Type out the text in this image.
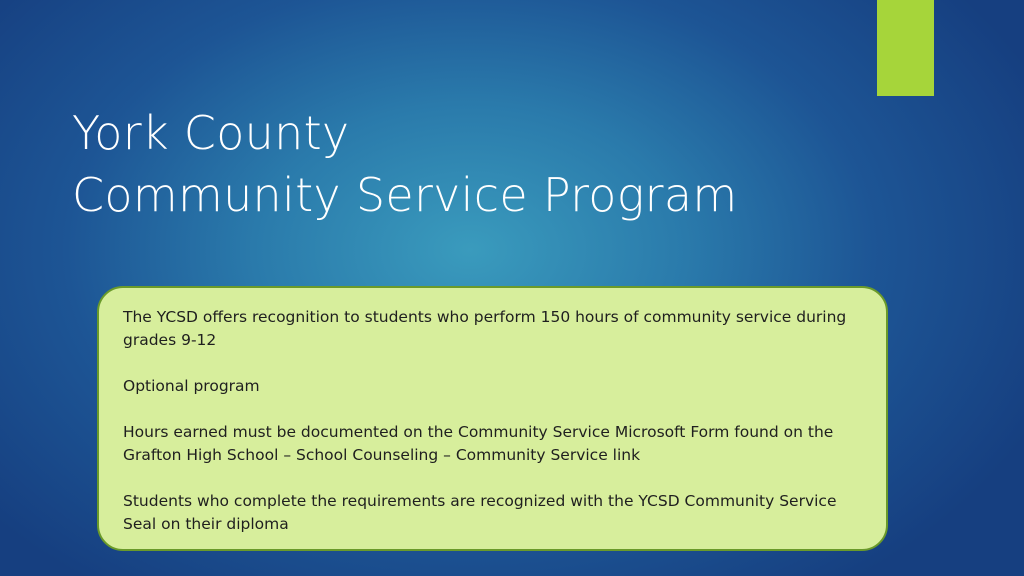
York County
Community Service Program

The YCSD offers recognition to students who perform 150 hours of community service during grades 9-12

Optional program

Hours earned must be documented on the Community Service Microsoft Form found on the Grafton High School – School Counseling – Community Service link

Students who complete the requirements are recognized with the YCSD Community Service Seal on their diploma
